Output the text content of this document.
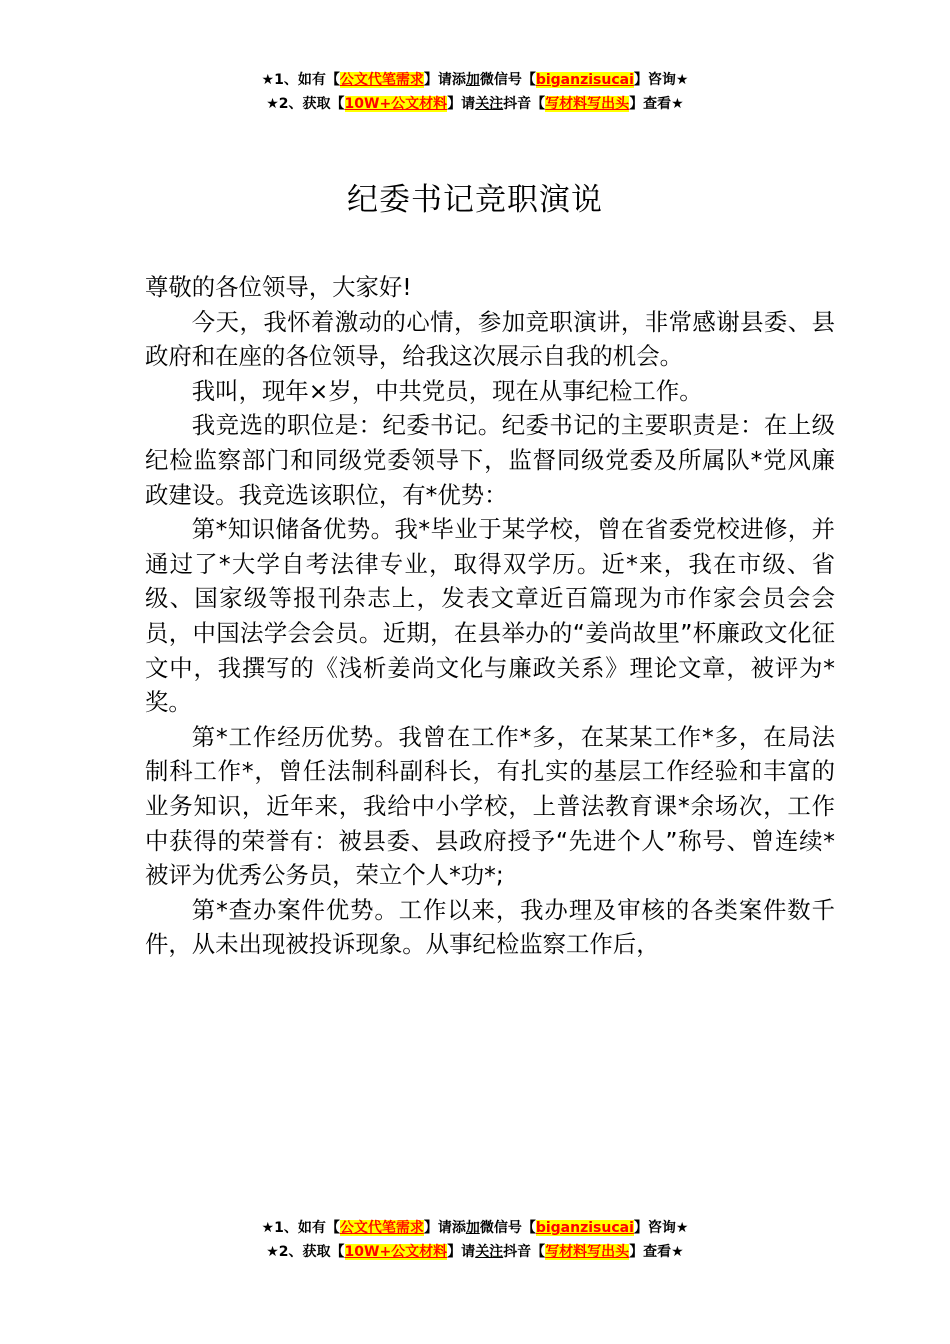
★1、如有【公文代笔需求】请添加微信号【biganzisucai】咨询★
★2、获取【10W+公文材料】请关注抖音【写材料写出头】查看★
纪委书记竞职演说

尊敬的各位领导，大家好!

今天，我怀着激动的心情，参加竞职演讲，非常感谢县委、县政府和在座的各位领导，给我这次展示自我的机会。

我叫，现年×岁，中共党员，现在从事纪检工作。

我竞选的职位是：纪委书记。纪委书记的主要职责是：在上级纪检监察部门和同级党委领导下，监督同级党委及所属队*党风廉政建设。我竞选该职位，有*优势：

第*知识储备优势。我*毕业于某学校，曾在省委党校进修，并通过了*大学自考法律专业，取得双学历。近*来，我在市级、省级、国家级等报刊杂志上，发表文章近百篇现为市作家会员会会员，中国法学会会员。近期，在县举办的“姜尚故里”杯廉政文化征文中，我撰写的《浅析姜尚文化与廉政关系》理论文章，被评为*奖。

第*工作经历优势。我曾在工作*多，在某某工作*多，在局法制科工作*，曾任法制科副科长，有扎实的基层工作经验和丰富的业务知识，近年来，我给中小学校，上普法教育课*余场次，工作中获得的荣誉有：被县委、县政府授予“先进个人”称号、曾连续*被评为优秀公务员，荣立个人*功*;

第*查办案件优势。工作以来，我办理及审核的各类案件数千件，从未出现被投诉现象。从事纪检监察工作后，

★1、如有【公文代笔需求】请添加微信号【biganzisucai】咨询★
★2、获取【10W+公文材料】请关注抖音【写材料写出头】查看★
